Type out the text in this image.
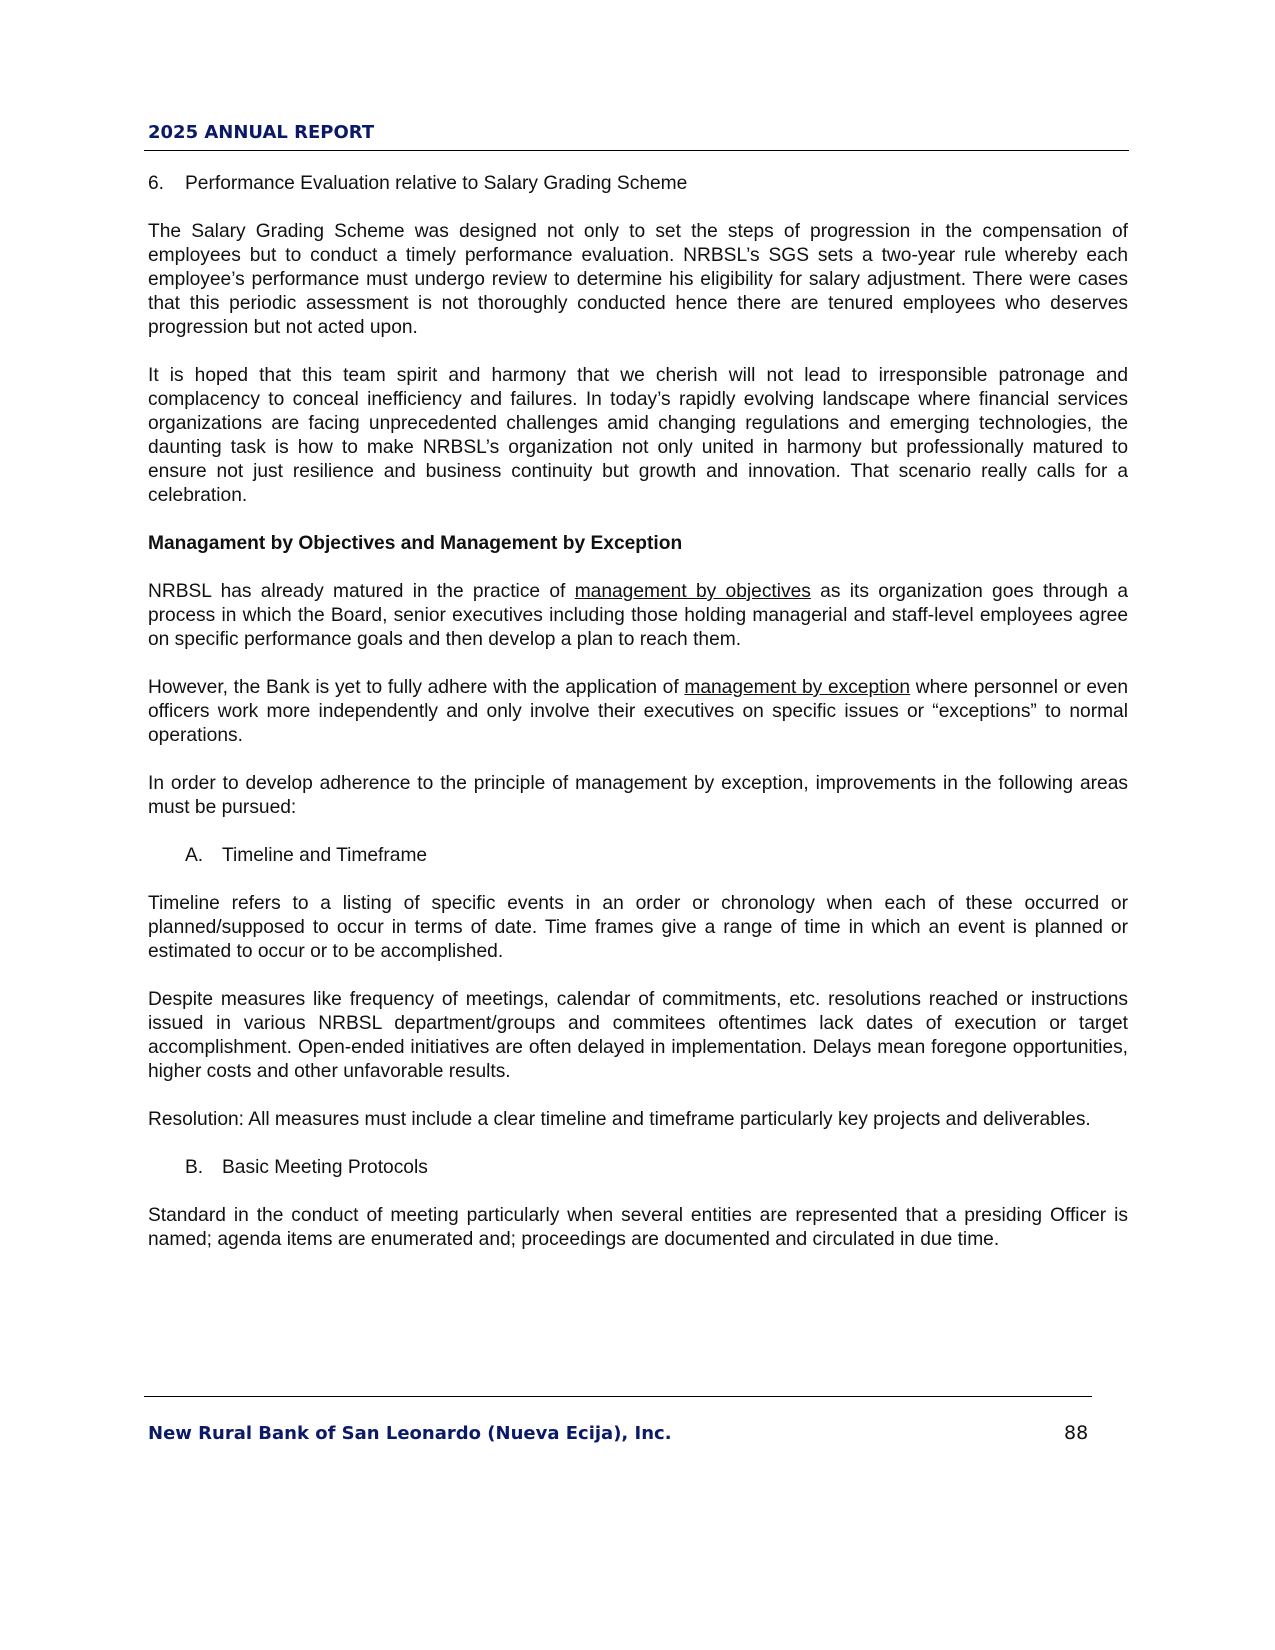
2025 ANNUAL REPORT
6.	Performance Evaluation relative to Salary Grading Scheme

The Salary Grading Scheme was designed not only to set the steps of progression in the compensation of employees but to conduct a timely performance evaluation. NRBSL’s SGS sets a two-year rule whereby each employee’s performance must undergo review to determine his eligibility for salary adjustment. There were cases that this periodic assessment is not thoroughly conducted hence there are tenured employees who deserves progression but not acted upon.

It is hoped that this team spirit and harmony that we cherish will not lead to irresponsible patronage and complacency to conceal inefficiency and failures. In today’s rapidly evolving landscape where financial services organizations are facing unprecedented challenges amid changing regulations and emerging technologies, the daunting task is how to make NRBSL’s organization not only united in harmony but professionally matured to ensure not just resilience and business continuity but growth and innovation. That scenario really calls for a celebration.

Managament by Objectives and Management by Exception

NRBSL has already matured in the practice of management by objectives as its organization goes through a process in which the Board, senior executives including those holding managerial and staff-level employees agree on specific performance goals and then develop a plan to reach them.

However, the Bank is yet to fully adhere with the application of management by exception where personnel or even officers work more independently and only involve their executives on specific issues or “exceptions” to normal operations.

In order to develop adherence to the principle of management by exception, improvements in the following areas must be pursued:

A. Timeline and Timeframe

Timeline refers to a listing of specific events in an order or chronology when each of these occurred or planned/supposed to occur in terms of date. Time frames give a range of time in which an event is planned or estimated to occur or to be accomplished.

Despite measures like frequency of meetings, calendar of commitments, etc. resolutions reached or instructions issued in various NRBSL department/groups and commitees oftentimes lack dates of execution or target accomplishment. Open-ended initiatives are often delayed in implementation. Delays mean foregone opportunities, higher costs and other unfavorable results.

Resolution: All measures must include a clear timeline and timeframe particularly key projects and deliverables.

B. Basic Meeting Protocols

Standard in the conduct of meeting particularly when several entities are represented that a presiding Officer is named; agenda items are enumerated and; proceedings are documented and circulated in due time.

New Rural Bank of San Leonardo (Nueva Ecija), Inc.	88
